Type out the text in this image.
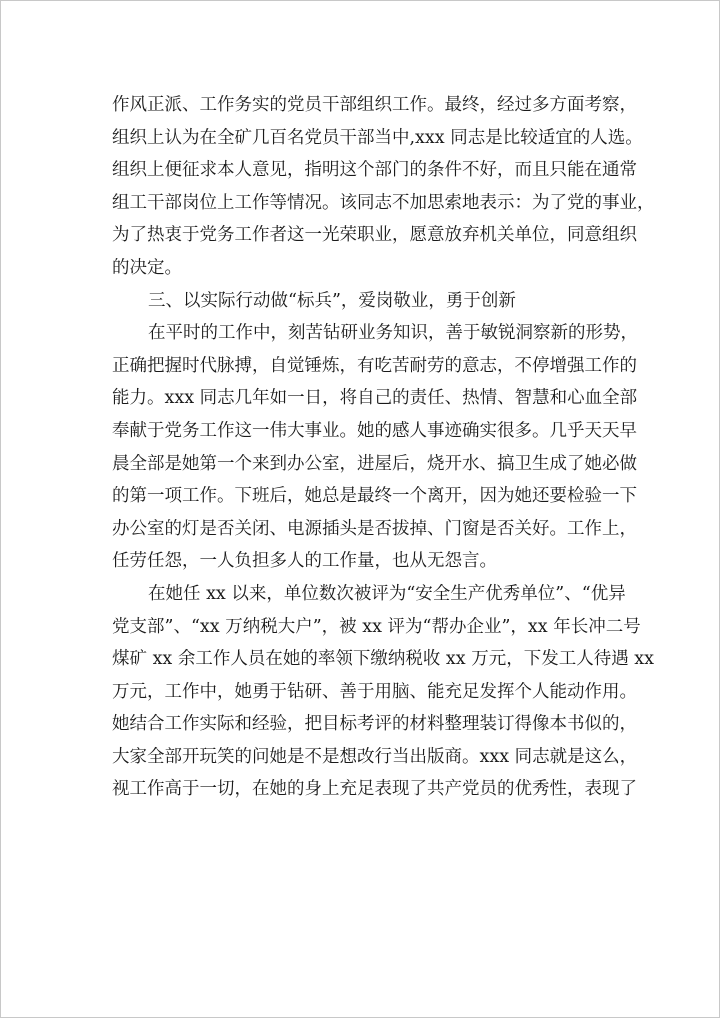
作风正派、工作务实的党员干部组织工作。最终，经过多方面考察，
组织上认为在全矿几百名党员干部当中,xxx 同志是比较适宜的人选。
组织上便征求本人意见，指明这个部门的条件不好，而且只能在通常
组工干部岗位上工作等情况。该同志不加思索地表示：为了党的事业，
为了热衷于党务工作者这一光荣职业，愿意放弃机关单位，同意组织
的决定。
三、以实际行动做“标兵”，爱岗敬业，勇于创新
在平时的工作中，刻苦钻研业务知识，善于敏锐洞察新的形势，
正确把握时代脉搏，自觉锤炼，有吃苦耐劳的意志，不停增强工作的
能力。xxx 同志几年如一日，将自己的责任、热情、智慧和心血全部
奉献于党务工作这一伟大事业。她的感人事迹确实很多。几乎天天早
晨全部是她第一个来到办公室，进屋后，烧开水、搞卫生成了她必做
的第一项工作。下班后，她总是最终一个离开，因为她还要检验一下
办公室的灯是否关闭、电源插头是否拔掉、门窗是否关好。工作上，
任劳任怨，一人负担多人的工作量，也从无怨言。
在她任 xx 以来，单位数次被评为“安全生产优秀单位”、“优异
党支部”、“xx 万纳税大户”，被 xx 评为“帮办企业”，xx 年长冲二号
煤矿 xx 余工作人员在她的率领下缴纳税收 xx 万元，下发工人待遇 xx
万元，工作中，她勇于钻研、善于用脑、能充足发挥个人能动作用。
她结合工作实际和经验，把目标考评的材料整理装订得像本书似的，
大家全部开玩笑的问她是不是想改行当出版商。xxx 同志就是这么，
视工作高于一切，在她的身上充足表现了共产党员的优秀性，表现了
